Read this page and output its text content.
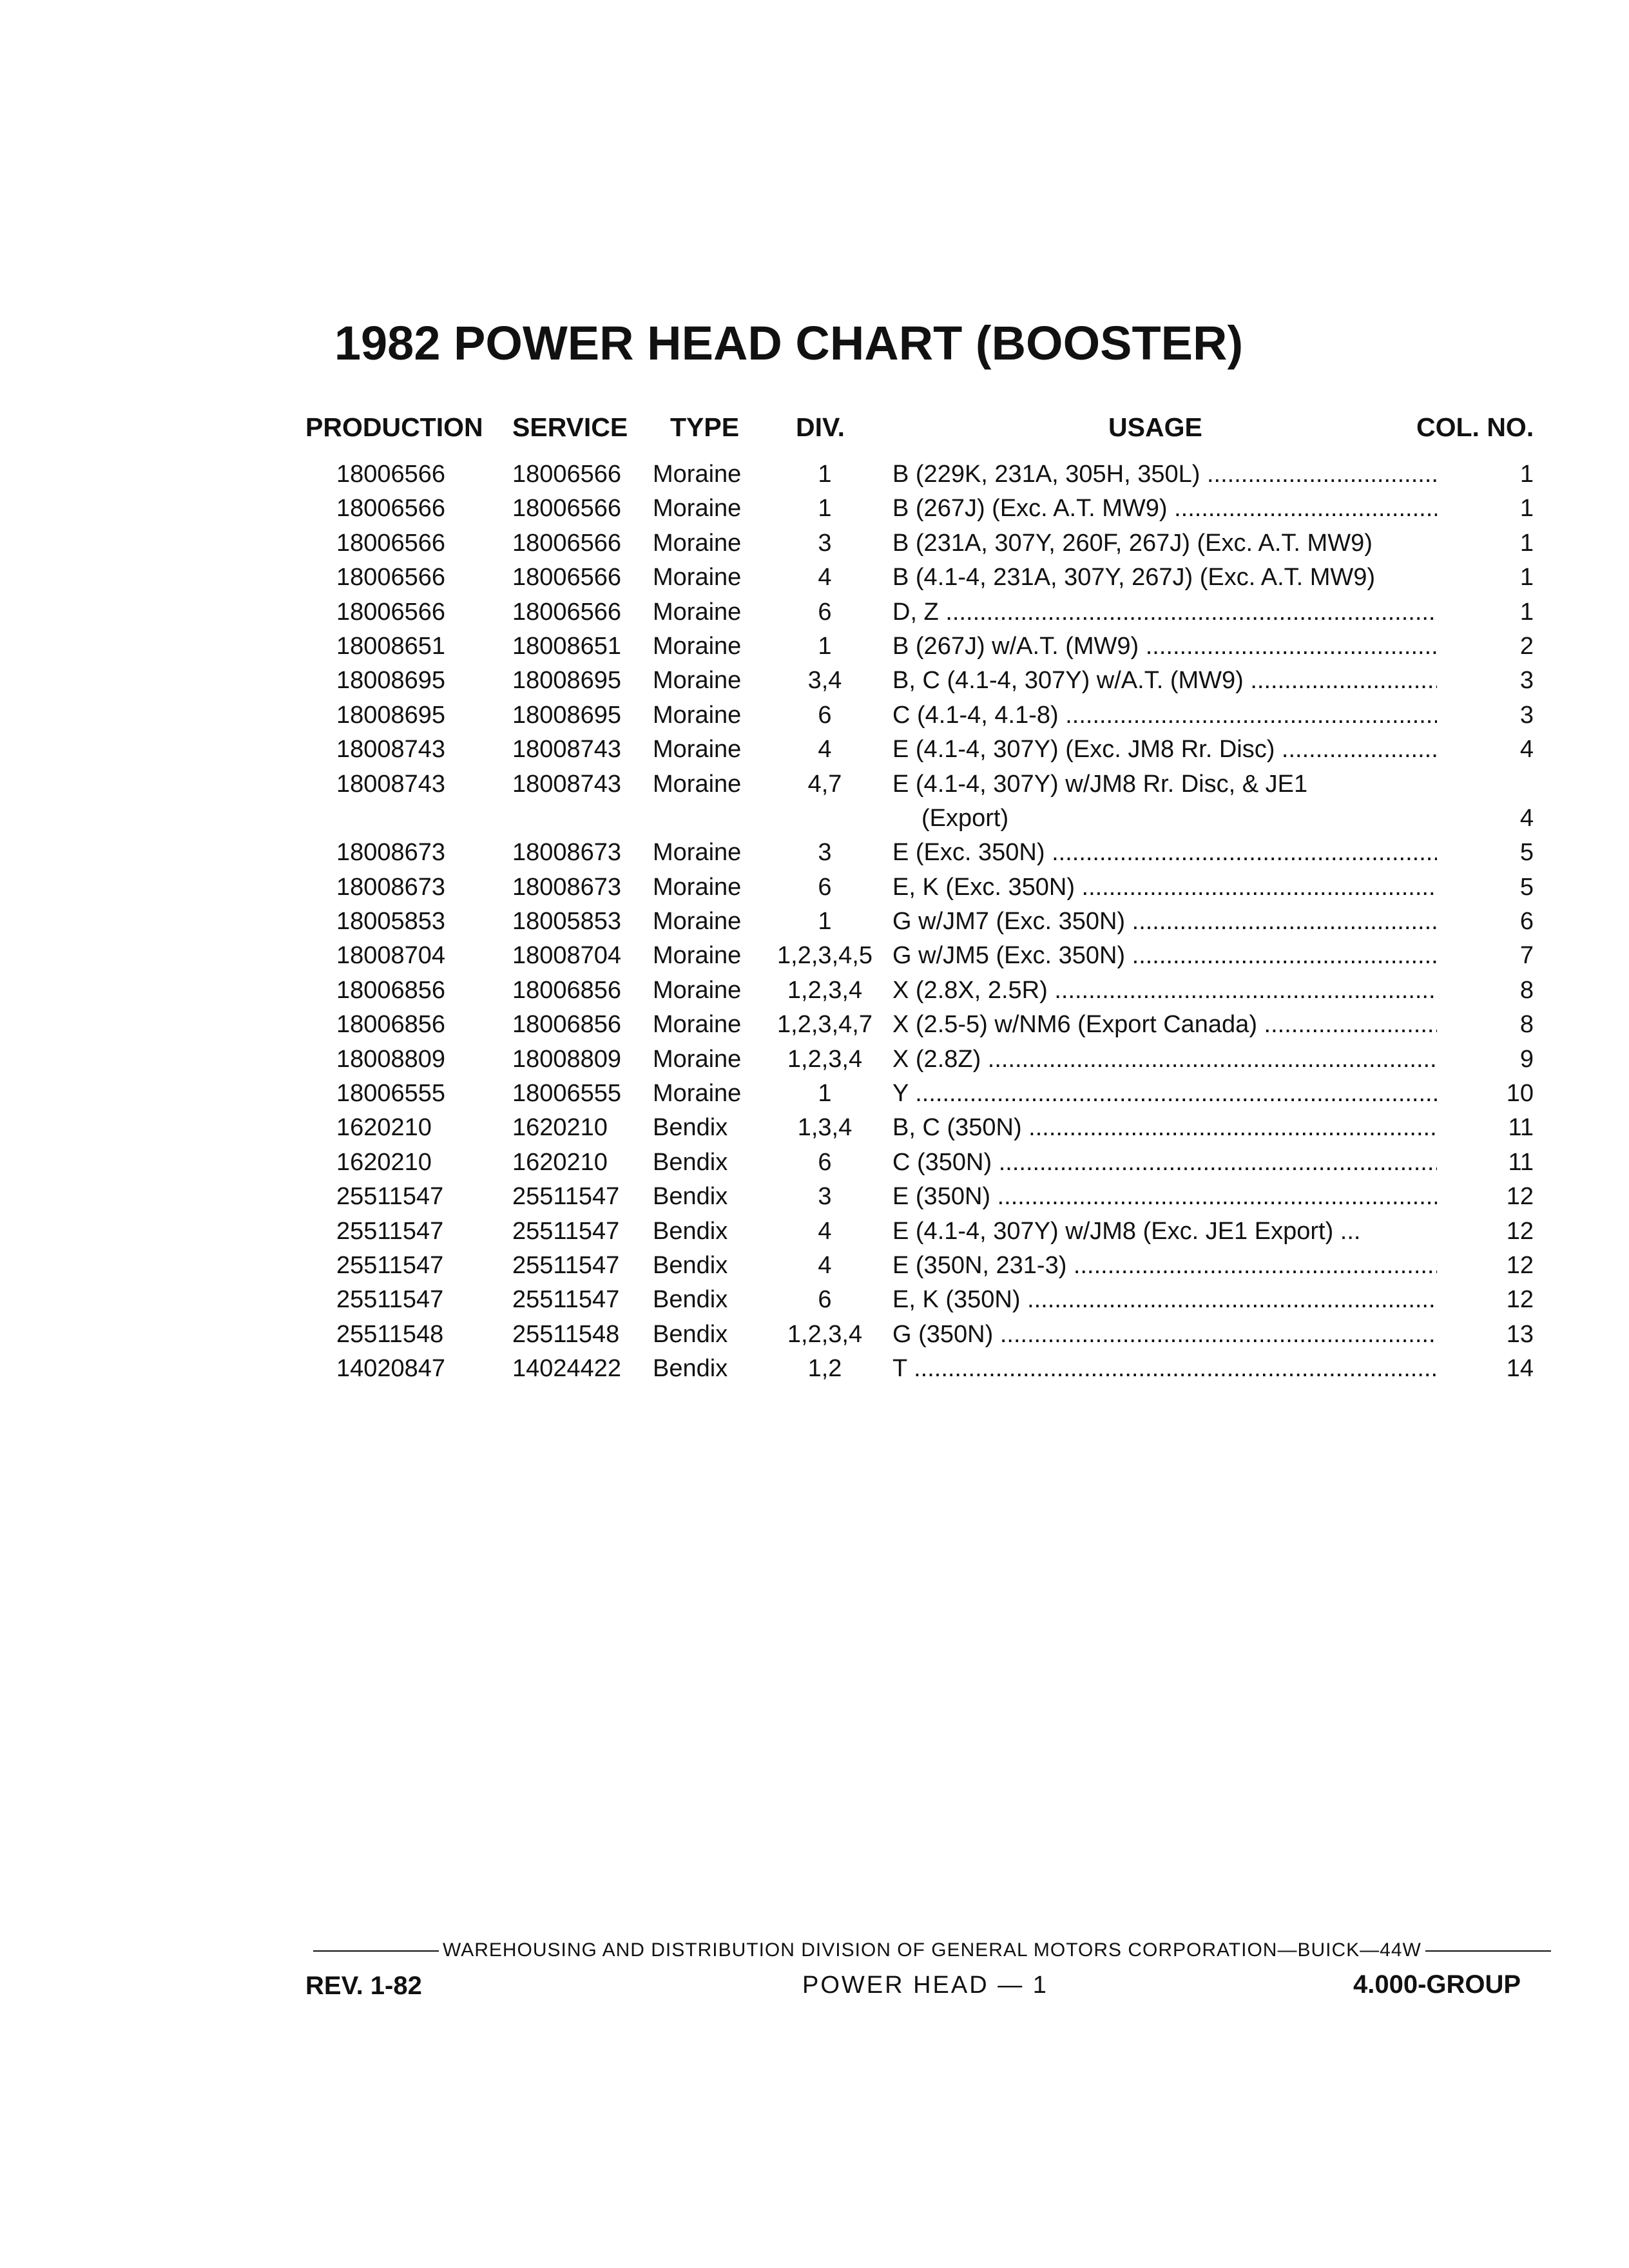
1982 POWER HEAD CHART (BOOSTER)
PRODUCTION SERVICE TYPE DIV.	USAGE	COL. NO.
18006566	18006566 Moraine	1	B (229K, 231A, 305H, 350L) .....	1
18006566	18006566 Moraine	1	B (267J) (Exc. A.T. MW9) .....	1
18006566	18006566 Moraine	3	B (231A, 307Y, 260F, 267J) (Exc. A.T. MW9)	1
18006566	18006566 Moraine	4	B (4.1-4, 231A, 307Y, 267J) (Exc. A.T. MW9)	1
18006566	18006566 Moraine	6	D, Z .....	1
18008651	18008651 Moraine	1	B (267J) w/A.T. (MW9) .....	2
18008695	18008695 Moraine	3,4	B, C (4.1-4, 307Y) w/A.T. (MW9) .....	3
18008695	18008695 Moraine	6	C (4.1-4, 4.1-8) .....	3
18008743	18008743 Moraine	4	E (4.1-4, 307Y) (Exc. JM8 Rr. Disc) .....	4
18008743	18008743 Moraine	4,7	E (4.1-4, 307Y) w/JM8 Rr. Disc, & JE1
(Export)	4
18008673	18008673 Moraine	3	E (Exc. 350N) .....	5
18008673	18008673 Moraine	6	E, K (Exc. 350N) .....	5
18005853	18005853 Moraine	1	G w/JM7 (Exc. 350N) .....	6
18008704	18008704 Moraine	1,2,3,4,5 G w/JM5 (Exc. 350N) .....	7
18006856	18006856 Moraine	1,2,3,4	X (2.8X, 2.5R) .....	8
18006856	18006856 Moraine	1,2,3,4,7 X (2.5-5) w/NM6 (Export Canada) .....	8
18008809	18008809 Moraine	1,2,3,4	X (2.8Z) .....	9
18006555	18006555 Moraine	1	Y .....	10
1620210	1620210 Bendix	1,3,4	B, C (350N) .....	11
1620210	1620210 Bendix	6	C (350N) .....	11
25511547	25511547 Bendix	3	E (350N) .....	12
25511547	25511547 Bendix	4	E (4.1-4, 307Y) w/JM8 (Exc. JE1 Export) ...	12
25511547	25511547 Bendix	4	E (350N, 231-3) .....	12
25511547	25511547 Bendix	6	E, K (350N) .....	12
25511548	25511548 Bendix	1,2,3,4	G (350N) .....	13
14020847	14024422 Bendix	1,2	T .....	14
WAREHOUSING AND DISTRIBUTION DIVISION OF GENERAL MOTORS CORPORATION—BUICK—44W
REV. 1-82	POWER HEAD — 1	4.000-GROUP
